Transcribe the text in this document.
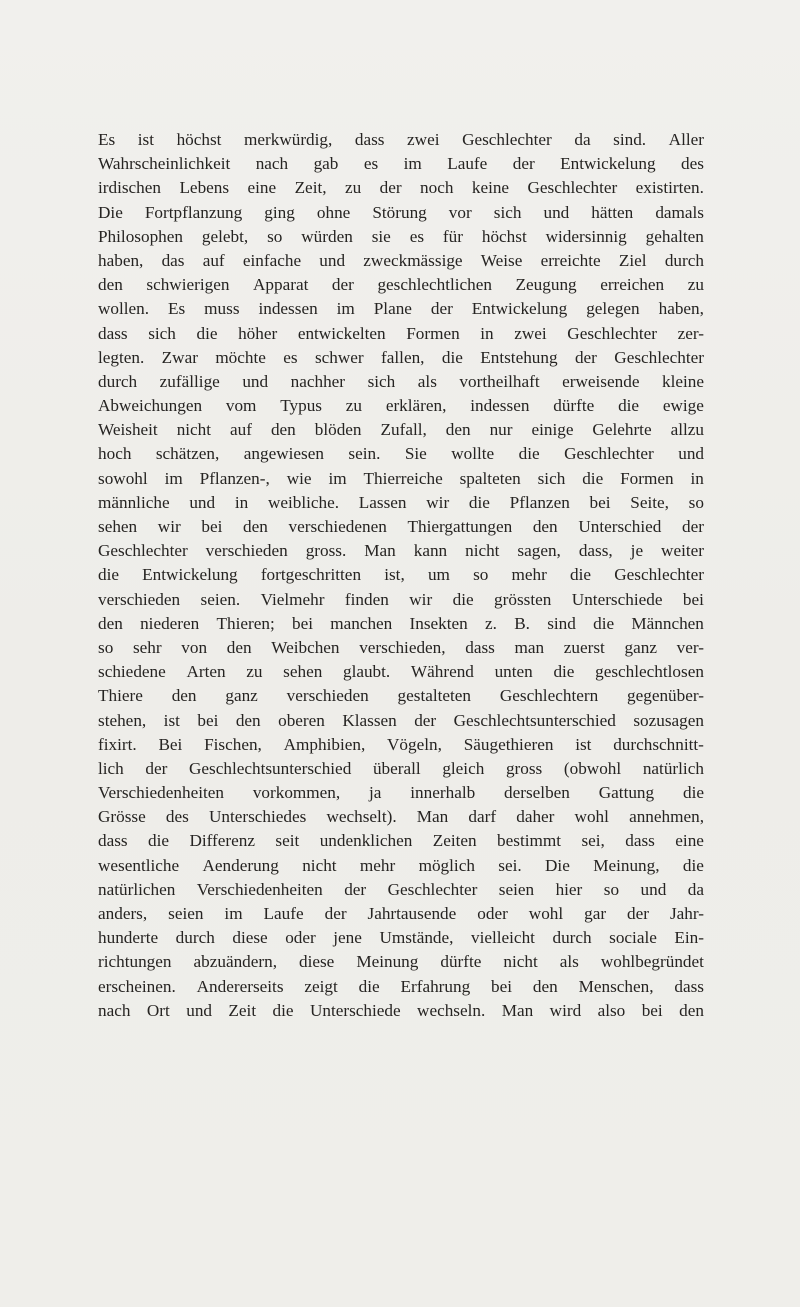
Es ist höchst merkwürdig, dass zwei Geschlechter da sind. Aller
Wahrscheinlichkeit nach gab es im Laufe der Entwickelung des
irdischen Lebens eine Zeit, zu der noch keine Geschlechter existirten.
Die Fortpflanzung ging ohne Störung vor sich und hätten damals
Philosophen gelebt, so würden sie es für höchst widersinnig gehalten
haben, das auf einfache und zweckmässige Weise erreichte Ziel durch
den schwierigen Apparat der geschlechtlichen Zeugung erreichen zu
wollen. Es muss indessen im Plane der Entwickelung gelegen haben,
dass sich die höher entwickelten Formen in zwei Geschlechter zer-
legten. Zwar möchte es schwer fallen, die Entstehung der Geschlechter
durch zufällige und nachher sich als vortheilhaft erweisende kleine
Abweichungen vom Typus zu erklären, indessen dürfte die ewige
Weisheit nicht auf den blöden Zufall, den nur einige Gelehrte allzu
hoch schätzen, angewiesen sein. Sie wollte die Geschlechter und
sowohl im Pflanzen-, wie im Thierreiche spalteten sich die Formen in
männliche und in weibliche. Lassen wir die Pflanzen bei Seite, so
sehen wir bei den verschiedenen Thiergattungen den Unterschied der
Geschlechter verschieden gross. Man kann nicht sagen, dass, je weiter
die Entwickelung fortgeschritten ist, um so mehr die Geschlechter
verschieden seien. Vielmehr finden wir die grössten Unterschiede bei
den niederen Thieren; bei manchen Insekten z. B. sind die Männchen
so sehr von den Weibchen verschieden, dass man zuerst ganz ver-
schiedene Arten zu sehen glaubt. Während unten die geschlechtlosen
Thiere den ganz verschieden gestalteten Geschlechtern gegenüber-
stehen, ist bei den oberen Klassen der Geschlechtsunterschied sozusagen
fixirt. Bei Fischen, Amphibien, Vögeln, Säugethieren ist durchschnitt-
lich der Geschlechtsunterschied überall gleich gross (obwohl natürlich
Verschiedenheiten vorkommen, ja innerhalb derselben Gattung die
Grösse des Unterschiedes wechselt). Man darf daher wohl annehmen,
dass die Differenz seit undenklichen Zeiten bestimmt sei, dass eine
wesentliche Aenderung nicht mehr möglich sei. Die Meinung, die
natürlichen Verschiedenheiten der Geschlechter seien hier so und da
anders, seien im Laufe der Jahrtausende oder wohl gar der Jahr-
hunderte durch diese oder jene Umstände, vielleicht durch sociale Ein-
richtungen abzuändern, diese Meinung dürfte nicht als wohlbegründet
erscheinen. Andererseits zeigt die Erfahrung bei den Menschen, dass
nach Ort und Zeit die Unterschiede wechseln. Man wird also bei den
